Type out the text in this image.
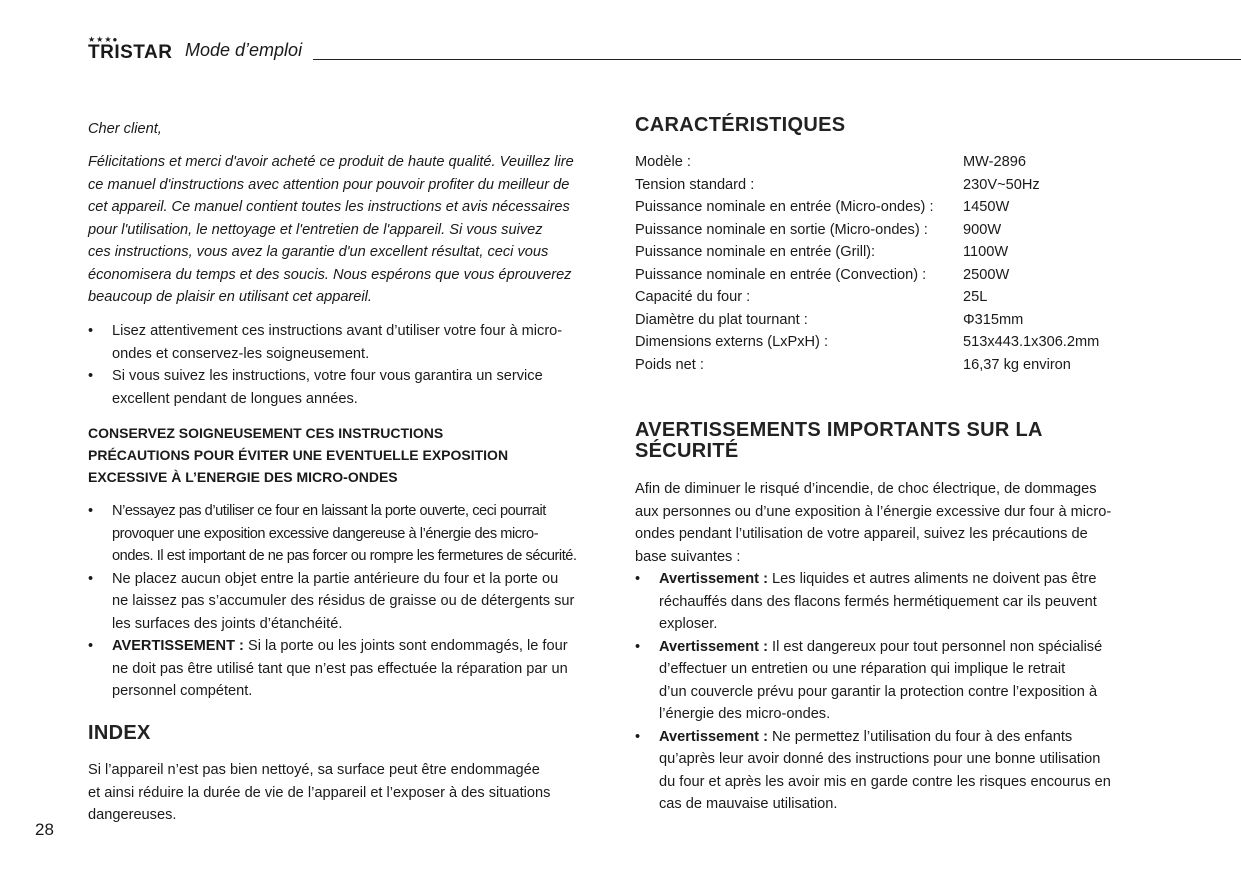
★★★●
TRISTAR Mode d’emploi
Cher client,
Félicitations et merci d'avoir acheté ce produit de haute qualité. Veuillez lire
ce manuel d'instructions avec attention pour pouvoir profiter du meilleur de
cet appareil. Ce manuel contient toutes les instructions et avis nécessaires
pour l'utilisation, le nettoyage et l'entretien de l'appareil. Si vous suivez
ces instructions, vous avez la garantie d'un excellent résultat, ceci vous
économisera du temps et des soucis. Nous espérons que vous éprouverez
beaucoup de plaisir en utilisant cet appareil.
• Lisez attentivement ces instructions avant d’utiliser votre four à micro-
ondes et conservez-les soigneusement.
• Si vous suivez les instructions, votre four vous garantira un service
excellent pendant de longues années.
CONSERVEZ SOIGNEUSEMENT CES INSTRUCTIONS
PRÉCAUTIONS POUR ÉVITER UNE EVENTUELLE EXPOSITION
EXCESSIVE À L’ENERGIE DES MICRO-ONDES
• N’essayez pas d’utiliser ce four en laissant la porte ouverte, ceci pourrait
provoquer une exposition excessive dangereuse à l’énergie des micro-
ondes. Il est important de ne pas forcer ou rompre les fermetures de sécurité.
• Ne placez aucun objet entre la partie antérieure du four et la porte ou
ne laissez pas s’accumuler des résidus de graisse ou de détergents sur
les surfaces des joints d’étanchéité.
• AVERTISSEMENT : Si la porte ou les joints sont endommagés, le four
ne doit pas être utilisé tant que n’est pas effectuée la réparation par un
personnel compétent.
INDEX
Si l’appareil n’est pas bien nettoyé, sa surface peut être endommagée
et ainsi réduire la durée de vie de l’appareil et l’exposer à des situations
dangereuses.
28
CARACTÉRISTIQUES
Modèle :	MW-2896
Tension standard :	230V~50Hz
Puissance nominale en entrée (Micro-ondes) :	1450W
Puissance nominale en sortie (Micro-ondes) :	900W
Puissance nominale en entrée (Grill):	1100W
Puissance nominale en entrée (Convection) :	2500W
Capacité du four :	25L
Diamètre du plat tournant :	Φ315mm
Dimensions externs (LxPxH) :	513x443.1x306.2mm
Poids net :	16,37 kg environ
AVERTISSEMENTS IMPORTANTS SUR LA
SÉCURITÉ
Afin de diminuer le risqué d’incendie, de choc électrique, de dommages
aux personnes ou d’une exposition à l’énergie excessive dur four à micro-
ondes pendant l’utilisation de votre appareil, suivez les précautions de
base suivantes :
• Avertissement : Les liquides et autres aliments ne doivent pas être
réchauffés dans des flacons fermés hermétiquement car ils peuvent
exploser.
• Avertissement : Il est dangereux pour tout personnel non spécialisé
d’effectuer un entretien ou une réparation qui implique le retrait
d’un couvercle prévu pour garantir la protection contre l’exposition à
l’énergie des micro-ondes.
• Avertissement : Ne permettez l’utilisation du four à des enfants
qu’après leur avoir donné des instructions pour une bonne utilisation
du four et après les avoir mis en garde contre les risques encourus en
cas de mauvaise utilisation.
